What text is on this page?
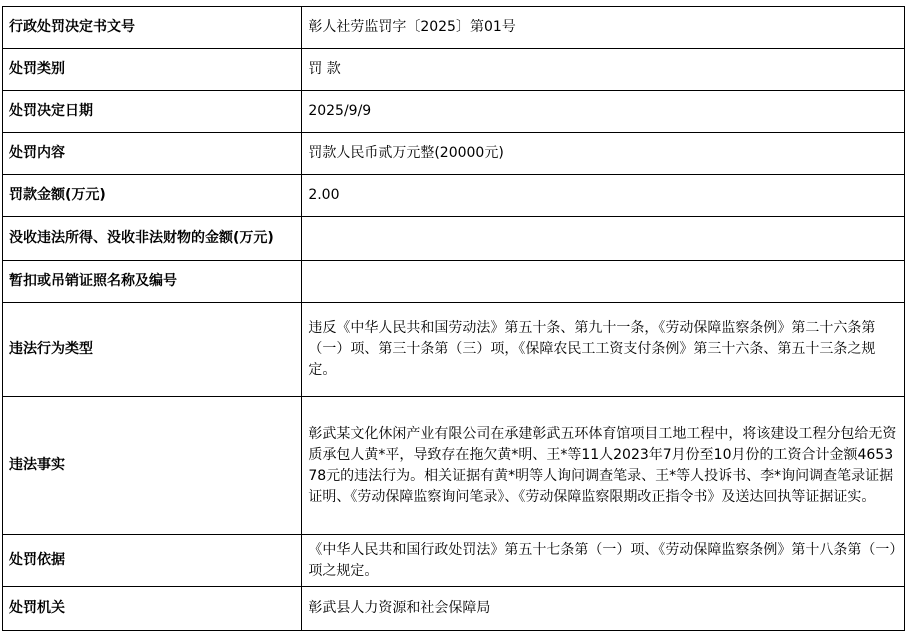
行政处罚决定书文号	彰人社劳监罚字〔2025〕第01号
处罚类别	罚 款
处罚决定日期	2025/9/9
处罚内容	罚款人民币贰万元整(20000元)
罚款金额(万元)	2.00
没收违法所得、没收非法财物的金额(万元)	
暂扣或吊销证照名称及编号	
违法行为类型	违反《中华人民共和国劳动法》第五十条、第九十一条，《劳动保障监察条例》第二十六条第（一）项、第三十条第（三）项，《保障农民工工资支付条例》第三十六条、第五十三条之规定。
违法事实	彰武某文化休闲产业有限公司在承建彰武五环体育馆项目工地工程中，将该建设工程分包给无资质承包人黄*平，导致存在拖欠黄*明、王*等11人2023年7月份至10月份的工资合计金额465378元的违法行为。相关证据有黄*明等人询问调查笔录、王*等人投诉书、李*询问调查笔录证据证明、《劳动保障监察询问笔录》、《劳动保障监察限期改正指令书》及送达回执等证据证实。
处罚依据	《中华人民共和国行政处罚法》第五十七条第（一）项、《劳动保障监察条例》第十八条第（一）项之规定。
处罚机关	彰武县人力资源和社会保障局
